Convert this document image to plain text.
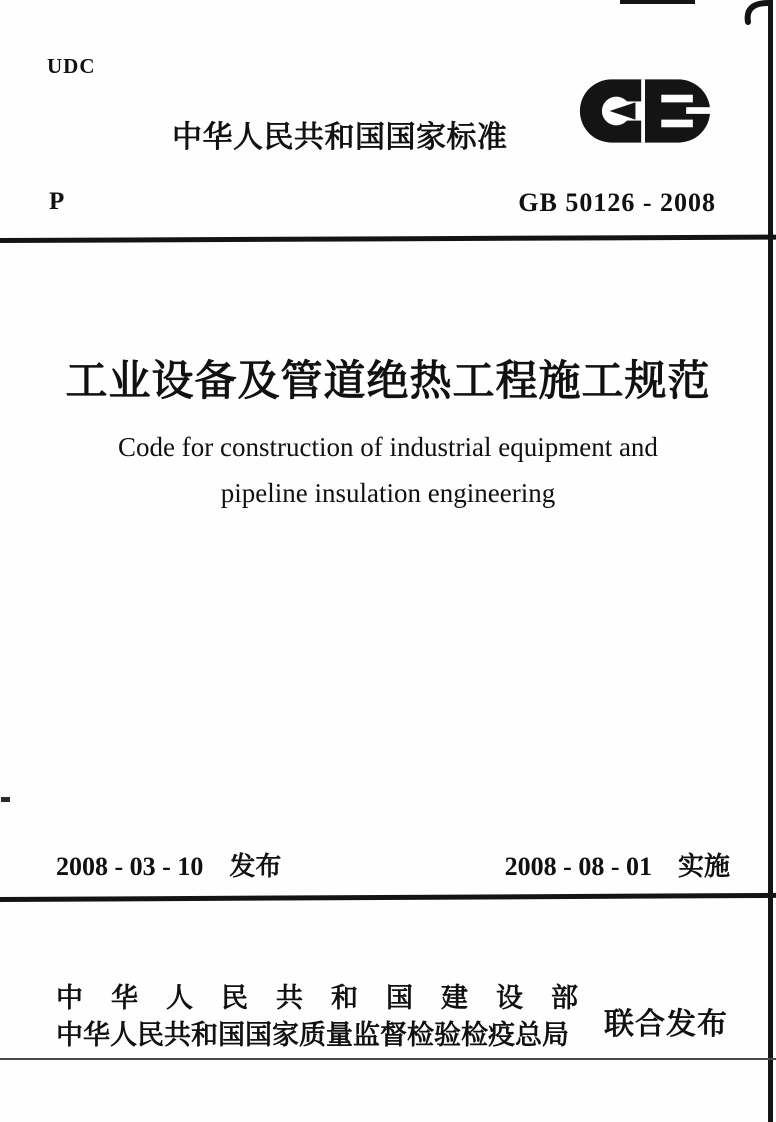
UDC
中华人民共和国国家标准
P	GB 50126 - 2008
工业设备及管道绝热工程施工规范
Code for construction of industrial equipment and
pipeline insulation engineering
2008 - 03 - 10 发布	2008 - 08 - 01 实施
中华人民共和国建设部
中华人民共和国国家质量监督检验检疫总局	联合发布
